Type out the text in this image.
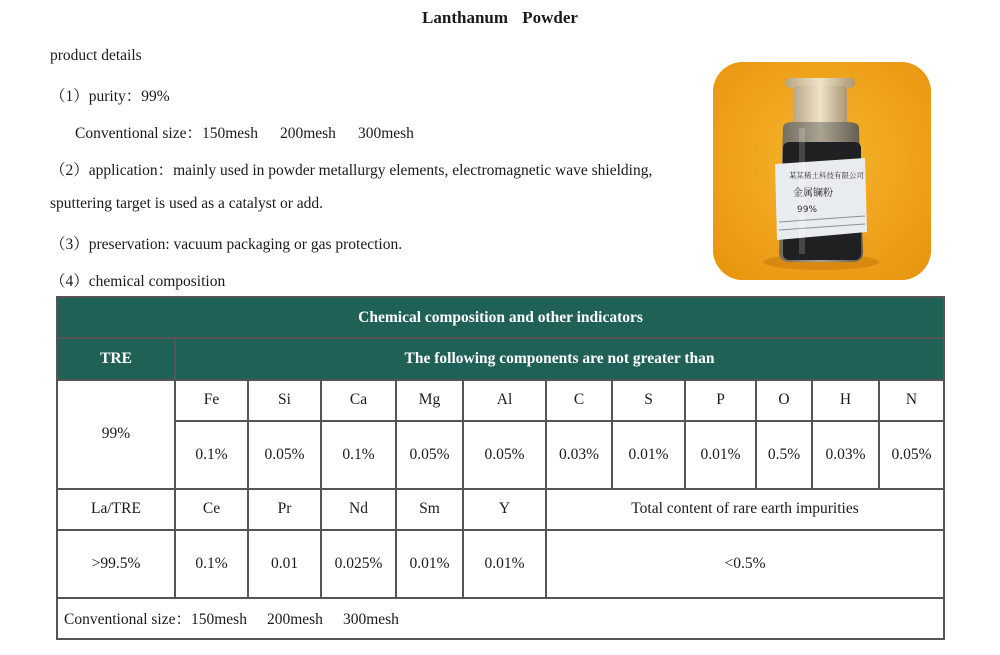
Lanthanum Powder
product details
（1）purity：99%
Conventional size：150mesh 200mesh 300mesh
（2）application：mainly used in powder metallurgy elements, electromagnetic wave shielding,
sputtering target is used as a catalyst or add.
（3）preservation: vacuum packaging or gas protection.
（4）chemical composition
某某稀土科技有限公司
金属镧粉
99%
Chemical composition and other indicators											
TRE	The following components are not greater than										
99%	Fe	Si	Ca	Mg	Al	C	S	P	O	H	N
	0.1%	0.05%	0.1%	0.05%	0.05%	0.03%	0.01%	0.01%	0.5%	0.03%	0.05%
La/TRE	Ce	Pr	Nd	Sm	Y	Total content of rare earth impurities					
>99.5%	0.1%	0.01	0.025%	0.01%	0.01%	<0.5%					
Conventional size：150mesh 200mesh 300mesh											
